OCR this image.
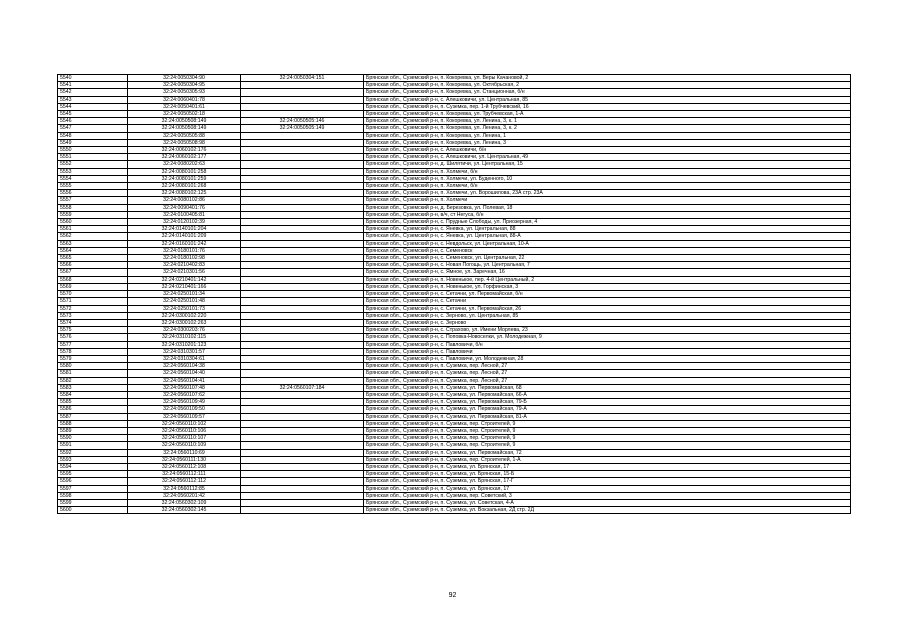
5540	32:24:0050304:90	32:24:0050304:151	Брянская обл., Суземский р-н, п. Кокоревка, ул. Веры Качановой, 2
5541	32:24:0050304:95		Брянская обл., Суземский р-н, п. Кокоревка, ул. Октябрьская, 2
5542	32:24:0050305:93		Брянская обл., Суземский р-н, п. Кокоревка, ул. Станционная, б/н
5543	32:24:0060401:78		Брянская обл., Суземский р-н, с. Алешковичи, ул. Центральная, 85
5544	32:24:0050401:61		Брянская обл., Суземский р-н, п. Суземка, пер. 1-й Трубчевский, 16
5545	32:24:0050502:18		Брянская обл., Суземский р-н, п. Кокоревка, ул. Трубчевская, 1-А
5546	32:24:0050508:149	32:24:0050505:146	Брянская обл., Суземский р-н, п. Кокоревка, ул. Ленина, 3, к. 1
5547	32:24:0050508:149	32:24:0050505:149	Брянская обл., Суземский р-н, п. Кокоревка, ул. Ленина, 3, к. 2
5548	32:24:0050505:88		Брянская обл., Суземский р-н, п. Кокоревка, ул. Ленина, 1
5549	32:24:0050508:98		Брянская обл., Суземский р-н, п. Кокоревка, ул. Ленина, 3
5550	32:24:0060102:176		Брянская обл., Суземский р-н, с. Алешковичи, б/н
5551	32:24:0060102:177		Брянская обл., Суземский р-н, с. Алешковичи, ул. Центральная, 49
5552	32:24:0080202:63		Брянская обл., Суземский р-н, д. Шилятичи, ул. Центральная, 15
5553	32:24:0080101:258		Брянская обл., Суземский р-н, п. Холмечи, б/н
5554	32:24:0080101:259		Брянская обл., Суземский р-н, п. Холмечи, ул. Буденного, 10
5555	32:24:0080101:268		Брянская обл., Суземский р-н, п. Холмечи, б/н
5556	32:24:0080102:125		Брянская обл., Суземский р-н, п. Холмечи, ул. Ворошилова, 23А стр. 23А
5557	32:24:0080102:86		Брянская обл., Суземский р-н, п. Холмечи
5558	32:24:0090401:76		Брянская обл., Суземский р-н, д. Березовка, ул. Полевая, 18
5559	32:24:0100405:81		Брянская обл., Суземский р-н, в/ч, ст Негуса, б/н
5560	32:24:0120102:39		Брянская обл., Суземский р-н, с. Прудные Слободы, ул. Приозерная, 4
5561	32:24:0140101:204		Брянская обл., Суземский р-н, с. Яневка, ул. Центральная, 88
5562	32:24:0140101:209		Брянская обл., Суземский р-н, с. Яневка, ул. Центральная, 88-А
5563	32:24:0160101:242		Брянская обл., Суземский р-н, с. Невдольск, ул. Центральная, 10-А
5564	32:24:0180101:76		Брянская обл., Суземский р-н, с. Семеновск
5565	32:24:0180102:98		Брянская обл., Суземский р-н, с. Семеновск, ул. Центральная, 22
5566	32:24:0210402:83		Брянская обл., Суземский р-н, с. Новая Погощь, ул. Центральная, 7
5567	32:24:0210301:56		Брянская обл., Суземский р-н, с. Ямное, ул. Заречная, 16
5568	32:24:0210401:142		Брянская обл., Суземский р-н, п. Новенькое, пер. 4-й Центральный, 2
5569	32:24:0210401:166		Брянская обл., Суземский р-н, п. Новенькое, ул. Горфинская, 3
5570	32:24:0250101:34		Брянская обл., Суземский р-н, с. Сетачни, ул. Первомайская, б/н
5571	32:24:0250101:48		Брянская обл., Суземский р-н, с. Сетачни
5572	32:24:0250101:73		Брянская обл., Суземский р-н, с. Сетачни, ул. Первомайская, 26
5573	32:24:0300102:220		Брянская обл., Суземский р-н, с. Зерново, ул. Центральная, 85
5574	32:24:0300102:263		Брянская обл., Суземский р-н, с. Зерново
5575	32:24:0300203:76		Брянская обл., Суземский р-н, с. Страхово, ул. Имени Морлева, 23
5576	32:24:0310102:115		Брянская обл., Суземский р-н, с. Поповка-Новоселки, ул. Молодежная, 9
5577	32:24:0310201:123		Брянская обл., Суземский р-н, с. Павловичи, б/н
5578	32:24:0310301:57		Брянская обл., Суземский р-н, с. Павловичи
5579	32:24:0310304:61		Брянская обл., Суземский р-н, с. Павловичи, ул. Молодежная, 28
5580	32:24:0560104:38		Брянская обл., Суземский р-н, п. Суземка, пер. Лесной, 27
5581	32:24:0560104:40		Брянская обл., Суземский р-н, п. Суземка, пер. Лесной, 27
5582	32:24:0560104:41		Брянская обл., Суземский р-н, п. Суземка, пер. Лесной, 27
5583	32:24:0560107:48	32:24:0560107:184	Брянская обл., Суземский р-н, п. Суземка, ул. Первомайская, 68
5584	32:24:0560107:62		Брянская обл., Суземский р-н, п. Суземка, ул. Первомайская, 66-А
5585	32:24:0560109:49		Брянская обл., Суземский р-н, п. Суземка, ул. Первомайская, 79-Б
5586	32:24:0560109:50		Брянская обл., Суземский р-н, п. Суземка, ул. Первомайская, 79-А
5587	32:24:0560109:57		Брянская обл., Суземский р-н, п. Суземка, ул. Первомайская, 81-А
5588	32:24:0560110:102		Брянская обл., Суземский р-н, п. Суземка, пер. Строителей, 9
5589	32:24:0560110:106		Брянская обл., Суземский р-н, п. Суземка, пер. Строителей, 9
5590	32:24:0560110:107		Брянская обл., Суземский р-н, п. Суземка, пер. Строителей, 9
5591	32:24:0560110:109		Брянская обл., Суземский р-н, п. Суземка, пер. Строителей, 9
5592	32:24:0560110:69		Брянская обл., Суземский р-н, п. Суземка, ул. Первомайская, 72
5593	32:24:0560111:130		Брянская обл., Суземский р-н, п. Суземка, пер. Строителей, 1-А
5594	32:24:0560112:108		Брянская обл., Суземский р-н, п. Суземка, ул. Брянская, 17
5595	32:24:0560112:111		Брянская обл., Суземский р-н, п. Суземка, ул. Брянская, 15-Б
5596	32:24:0560112:112		Брянская обл., Суземский р-н, п. Суземка, ул. Брянская, 17-Г
5597	32:24:0560112:85		Брянская обл., Суземский р-н, п. Суземка, ул. Брянская, 17
5598	32:24:0560201:42		Брянская обл., Суземский р-н, п. Суземка, пер. Советский, 3
5599	32:24:0560302:109		Брянская обл., Суземский р-н, п. Суземка, ул. Советская, 4-А
5600	32:24:0560302:145		Брянская обл., Суземский р-н, п. Суземка, ул. Вокзальная, 2Д стр. 2Д
92
